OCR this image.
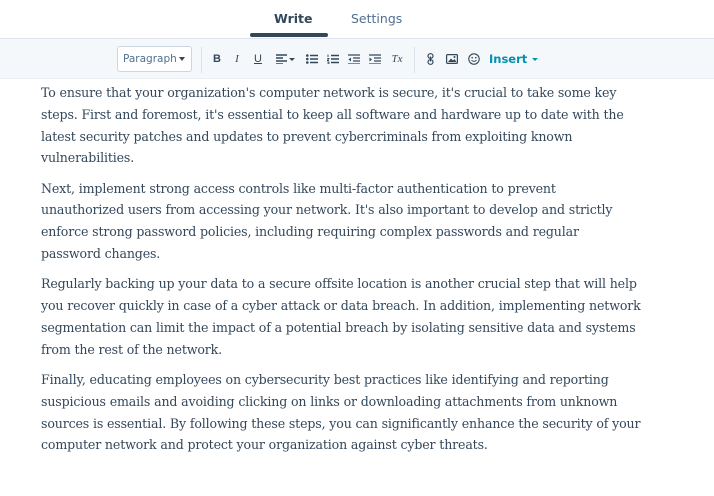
Write	Settings
Paragraph	B I U	Tx	Insert

To ensure that your organization's computer network is secure, it's crucial to take some key steps. First and foremost, it's essential to keep all software and hardware up to date with the latest security patches and updates to prevent cybercriminals from exploiting known vulnerabilities.

Next, implement strong access controls like multi-factor authentication to prevent unauthorized users from accessing your network. It's also important to develop and strictly enforce strong password policies, including requiring complex passwords and regular password changes.

Regularly backing up your data to a secure offsite location is another crucial step that will help you recover quickly in case of a cyber attack or data breach. In addition, implementing network segmentation can limit the impact of a potential breach by isolating sensitive data and systems from the rest of the network.

Finally, educating employees on cybersecurity best practices like identifying and reporting suspicious emails and avoiding clicking on links or downloading attachments from unknown sources is essential. By following these steps, you can significantly enhance the security of your computer network and protect your organization against cyber threats.
